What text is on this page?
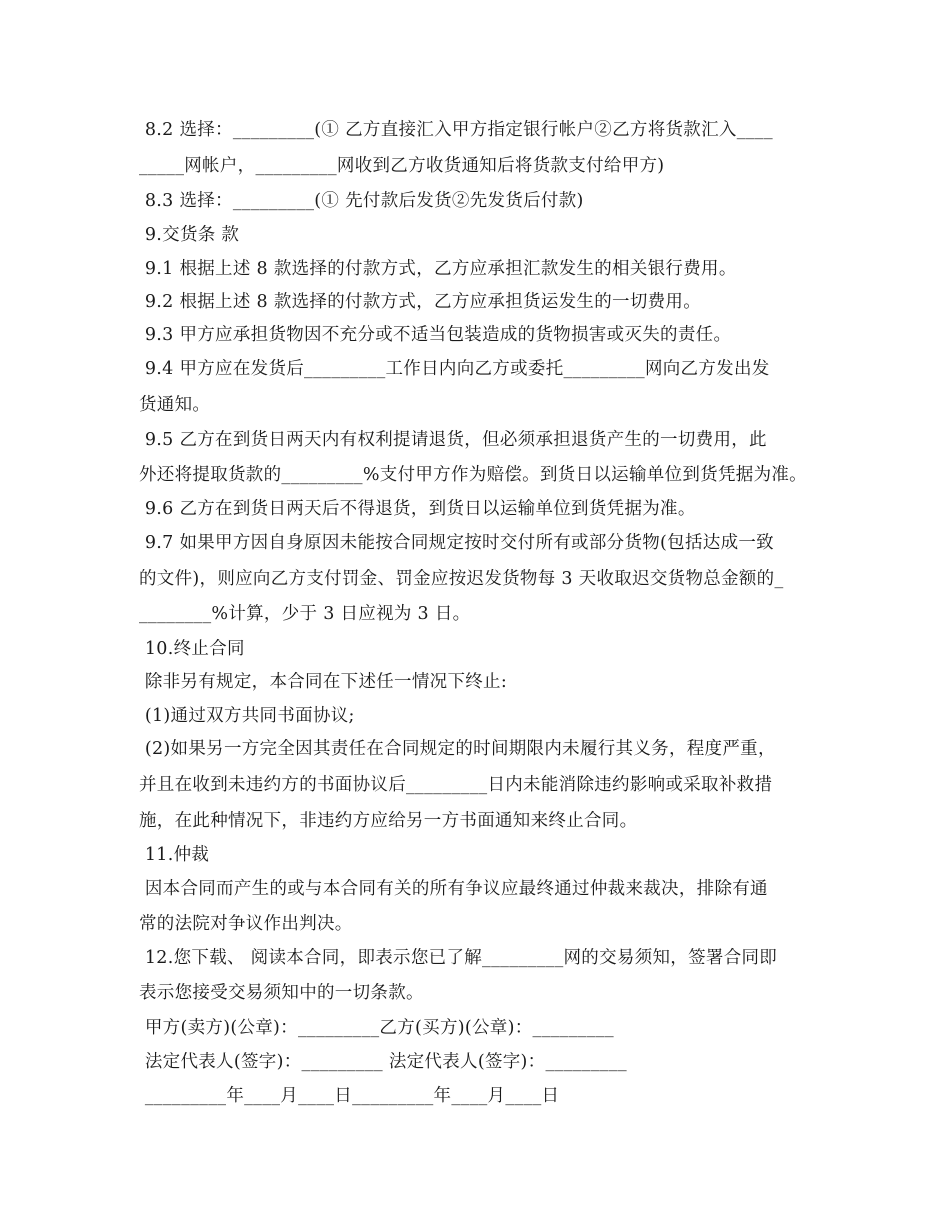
8.2 选择：_________(① 乙方直接汇入甲方指定银行帐户②乙方将货款汇入____
_____网帐户，_________网收到乙方收货通知后将货款支付给甲方)
8.3 选择：_________(① 先付款后发货②先发货后付款)
9.交货条 款
9.1 根据上述 8 款选择的付款方式，乙方应承担汇款发生的相关银行费用。
9.2 根据上述 8 款选择的付款方式，乙方应承担货运发生的一切费用。
9.3 甲方应承担货物因不充分或不适当包装造成的货物损害或灭失的责任。
9.4 甲方应在发货后_________工作日内向乙方或委托_________网向乙方发出发
货通知。
9.5 乙方在到货日两天内有权利提请退货，但必须承担退货产生的一切费用，此
外还将提取货款的_________%支付甲方作为赔偿。到货日以运输单位到货凭据为准。
9.6 乙方在到货日两天后不得退货，到货日以运输单位到货凭据为准。
9.7 如果甲方因自身原因未能按合同规定按时交付所有或部分货物(包括达成一致
的文件)，则应向乙方支付罚金、罚金应按迟发货物每 3 天收取迟交货物总金额的_
________%计算，少于 3 日应视为 3 日。
10.终止合同
除非另有规定，本合同在下述任一情况下终止:
(1)通过双方共同书面协议;
(2)如果另一方完全因其责任在合同规定的时间期限内未履行其义务，程度严重，
并且在收到未违约方的书面协议后_________日内未能消除违约影响或采取补救措
施，在此种情况下，非违约方应给另一方书面通知来终止合同。
11.仲裁
因本合同而产生的或与本合同有关的所有争议应最终通过仲裁来裁决，排除有通
常的法院对争议作出判决。
12.您下载、 阅读本合同，即表示您已了解_________网的交易须知，签署合同即
表示您接受交易须知中的一切条款。
甲方(卖方)(公章)：_________乙方(买方)(公章)：_________
法定代表人(签字)：_________ 法定代表人(签字)：_________
_________年____月____日_________年____月____日
